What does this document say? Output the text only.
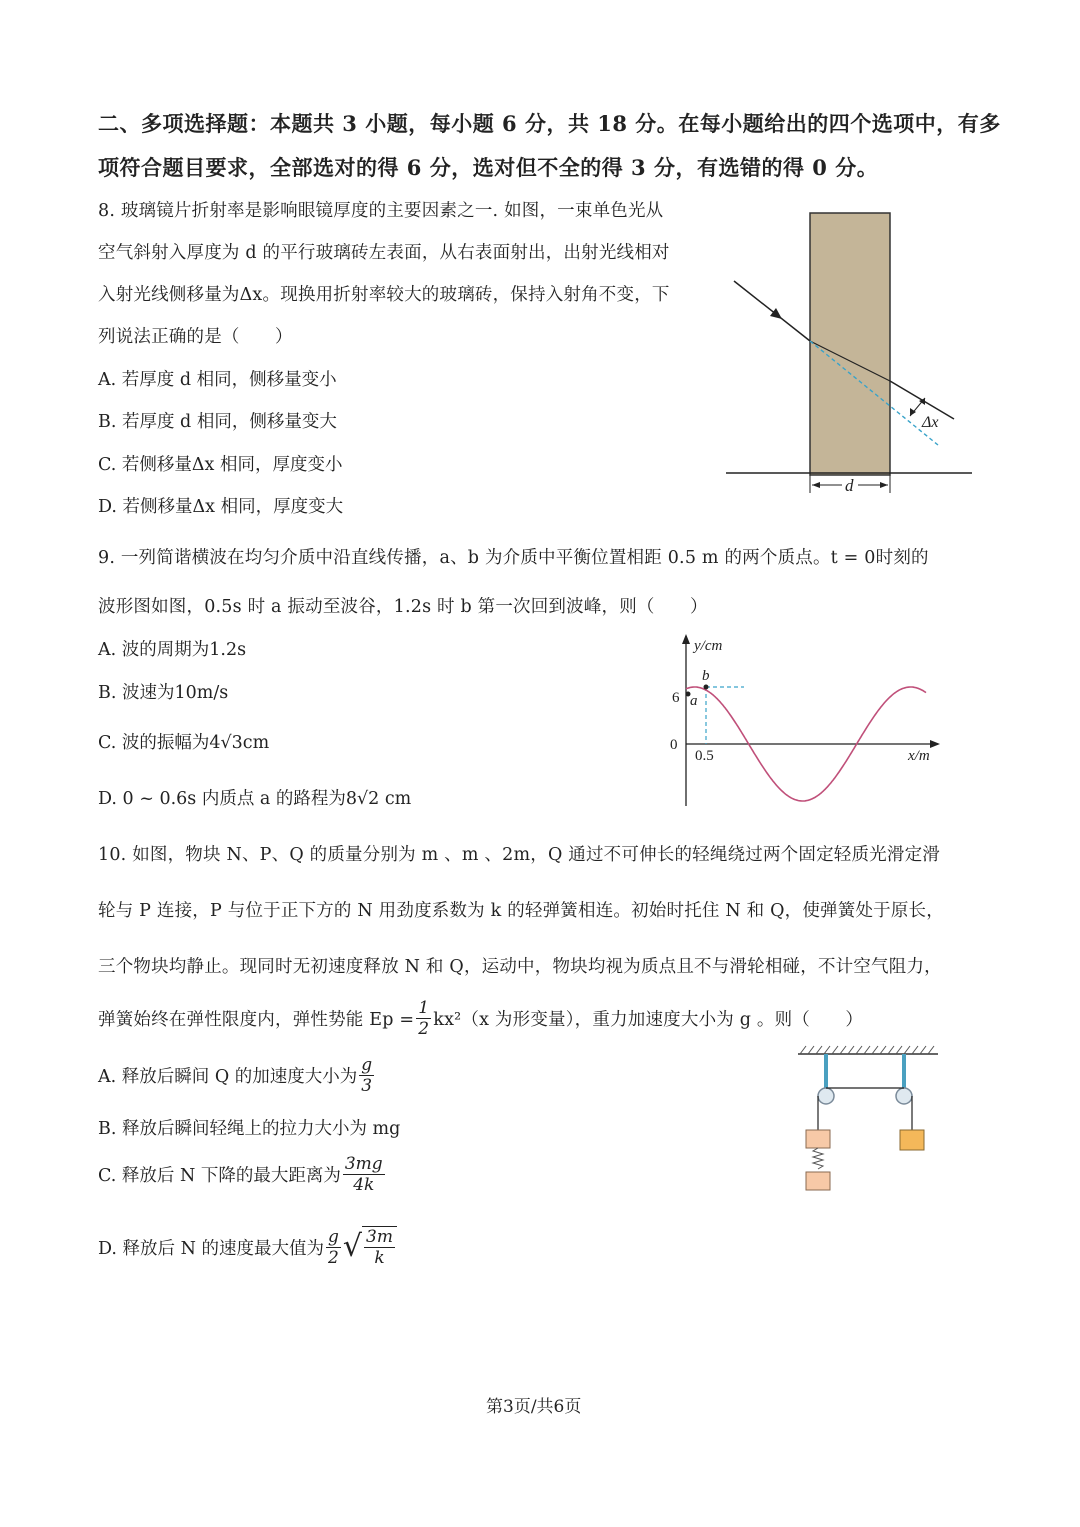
二、多项选择题：本题共 3 小题，每小题 6 分，共 18 分。在每小题给出的四个选项中，有多
项符合题目要求，全部选对的得 6 分，选对但不全的得 3 分，有选错的得 0 分。
8. 玻璃镜片折射率是影响眼镜厚度的主要因素之一. 如图，一束单色光从
空气斜射入厚度为 d 的平行玻璃砖左表面，从右表面射出，出射光线相对
入射光线侧移量为Δx。现换用折射率较大的玻璃砖，保持入射角不变，下
列说法正确的是（　　）
A. 若厚度 d 相同，侧移量变小
B. 若厚度 d 相同，侧移量变大
C. 若侧移量Δx 相同，厚度变小
D. 若侧移量Δx 相同，厚度变大
Δx
d
9. 一列简谐横波在均匀介质中沿直线传播，a、b 为介质中平衡位置相距 0.5 m 的两个质点。t = 0时刻的
波形图如图，0.5s 时 a 振动至波谷，1.2s 时 b 第一次回到波峰，则（　　）
A. 波的周期为1.2s
B. 波速为10m/s
C. 波的振幅为4√3cm
D. 0 ~ 0.6s 内质点 a 的路程为8√2 cm
y/cm
x/m
0
6
0.5
a
b
10. 如图，物块 N、P、Q 的质量分别为 m 、m 、2m，Q 通过不可伸长的轻绳绕过两个固定轻质光滑定滑
轮与 P 连接，P 与位于正下方的 N 用劲度系数为 k 的轻弹簧相连。初始时托住 N 和 Q，使弹簧处于原长，
三个物块均静止。现同时无初速度释放 N 和 Q，运动中，物块均视为质点且不与滑轮相碰，不计空气阻力，
弹簧始终在弹性限度内，弹性势能 $Ep = \frac{1}{2} kx^2(x$ 为形变量），重力加速度大小为 g 。则（　　）
A. 释放后瞬间 Q 的加速度大小为 $\frac{g}{3}$
B. 释放后瞬间轻绳上的拉力大小为 mg
C. 释放后 N 下降的最大距离为 $\frac{3mg}{4k}$
D. 释放后 N 的速度最大值为 $\frac{g}{2}$ √ $\frac{3m}{k}$
第3页/共6页
